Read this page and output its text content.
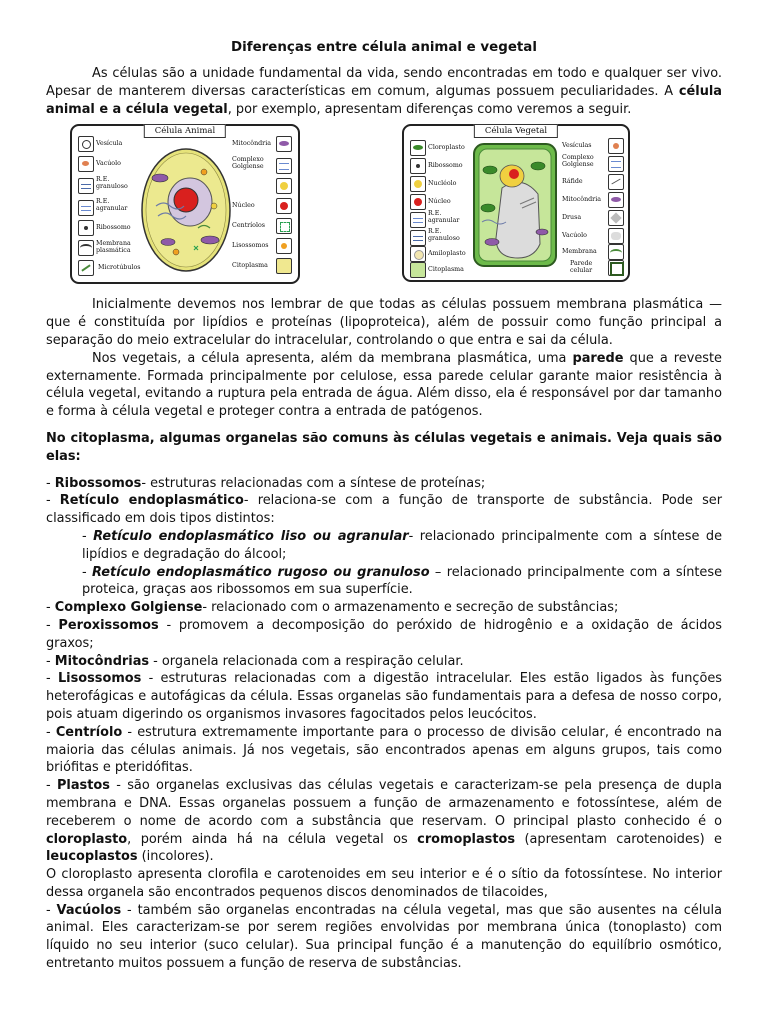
Diferenças entre célula animal e vegetal

As células são a unidade fundamental da vida, sendo encontradas em todo e qualquer ser vivo. Apesar de manterem diversas características em comum, algumas possuem peculiaridades. A célula animal e a célula vegetal, por exemplo, apresentam diferenças como veremos a seguir.

Célula Animal
Vesícula
Vacúolo
R.E. granuloso
R.E. agranular
Ribossomo
Membrana plasmática
Microtúbulos
Mitocôndria
Complexo Golgiense
Núcleo
Centríolos
Lisossomos
Citoplasma
Célula Vegetal
Cloroplasto
Ribossomo
Nucléolo
Núcleo
R.E. agranular
R.E. granuloso
Amiloplasto
Citoplasma
Vesículas
Complexo Golgiense
Ráfide
Mitocôndria
Drusa
Vacúolo
Membrana
Parede celular

Inicialmente devemos nos lembrar de que todas as células possuem membrana plasmática — que é constituída por lipídios e proteínas (lipoproteica), além de possuir como função principal a separação do meio extracelular do intracelular, controlando o que entra e sai da célula.

Nos vegetais, a célula apresenta, além da membrana plasmática, uma parede que a reveste externamente. Formada principalmente por celulose, essa parede celular garante maior resistência à célula vegetal, evitando a ruptura pela entrada de água. Além disso, ela é responsável por dar tamanho e forma à célula vegetal e proteger contra a entrada de patógenos.

No citoplasma, algumas organelas são comuns às células vegetais e animais. Veja quais são elas:

- Ribossomos- estruturas relacionadas com a síntese de proteínas;
- Retículo endoplasmático- relaciona-se com a função de transporte de substância. Pode ser classificado em dois tipos distintos:
- Retículo endoplasmático liso ou agranular- relacionado principalmente com a síntese de lipídios e degradação do álcool;
- Retículo endoplasmático rugoso ou granuloso – relacionado principalmente com a síntese proteica, graças aos ribossomos em sua superfície.
- Complexo Golgiense- relacionado com o armazenamento e secreção de substâncias;
- Peroxissomos - promovem a decomposição do peróxido de hidrogênio e a oxidação de ácidos graxos;
- Mitocôndrias - organela relacionada com a respiração celular.
- Lisossomos - estruturas relacionadas com a digestão intracelular. Eles estão ligados às funções heterofágicas e autofágicas da célula. Essas organelas são fundamentais para a defesa de nosso corpo, pois atuam digerindo os organismos invasores fagocitados pelos leucócitos.
- Centríolo - estrutura extremamente importante para o processo de divisão celular, é encontrado na maioria das células animais. Já nos vegetais, são encontrados apenas em alguns grupos, tais como briófitas e pteridófitas.
- Plastos - são organelas exclusivas das células vegetais e caracterizam-se pela presença de dupla membrana e DNA. Essas organelas possuem a função de armazenamento e fotossíntese, além de receberem o nome de acordo com a substância que reservam. O principal plasto conhecido é o cloroplasto, porém ainda há na célula vegetal os cromoplastos (apresentam carotenoides) e leucoplastos (incolores).

O cloroplasto apresenta clorofila e carotenoides em seu interior e é o sítio da fotossíntese. No interior dessa organela são encontrados pequenos discos denominados de tilacoides,

- Vacúolos - também são organelas encontradas na célula vegetal, mas que são ausentes na célula animal. Eles caracterizam-se por serem regiões envolvidas por membrana única (tonoplasto) com líquido no seu interior (suco celular). Sua principal função é a manutenção do equilíbrio osmótico, entretanto muitos possuem a função de reserva de substâncias.
